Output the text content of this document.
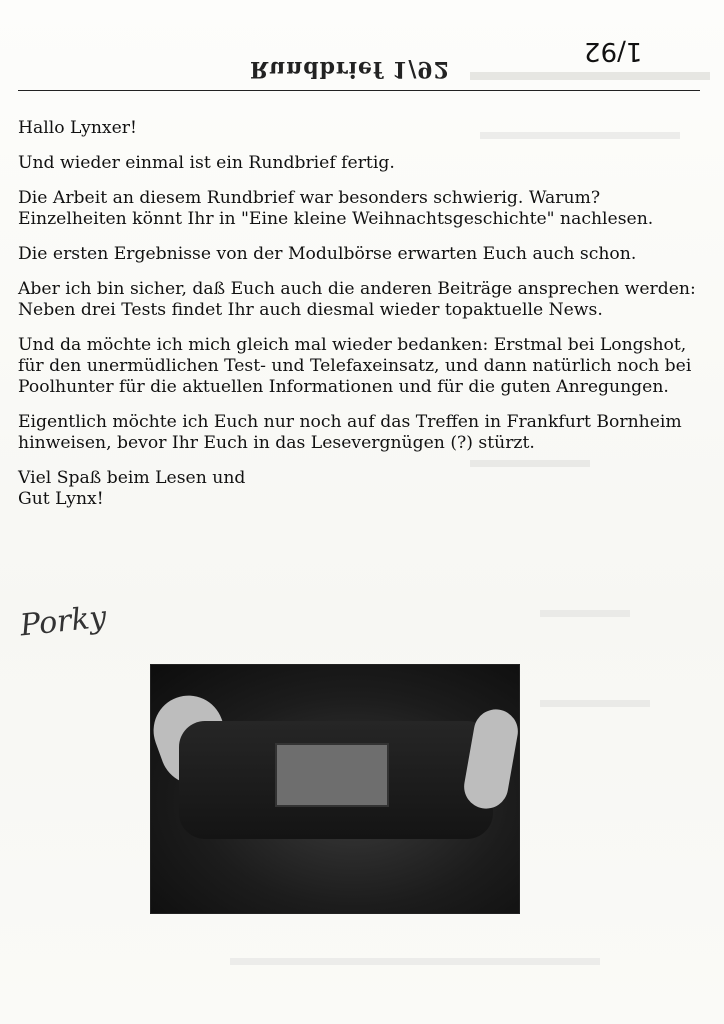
1/92
Rundbrief 1/92

Hallo Lynxer!

Und wieder einmal ist ein Rundbrief fertig.

Die Arbeit an diesem Rundbrief war besonders schwierig. Warum? Einzelheiten könnt Ihr in "Eine kleine Weihnachtsgeschichte" nachlesen.

Die ersten Ergebnisse von der Modulbörse erwarten Euch auch schon.

Aber ich bin sicher, daß Euch auch die anderen Beiträge ansprechen werden: Neben drei Tests findet Ihr auch diesmal wieder topaktuelle News.

Und da möchte ich mich gleich mal wieder bedanken: Erstmal bei Longshot, für den unermüdlichen Test- und Telefaxeinsatz, und dann natürlich noch bei Poolhunter für die aktuellen Informationen und für die guten Anregungen.

Eigentlich möchte ich Euch nur noch auf das Treffen in Frankfurt Bornheim hinweisen, bevor Ihr Euch in das Lesevergnügen (?) stürzt.

Viel Spaß beim Lesen und
Gut Lynx!

Porky
